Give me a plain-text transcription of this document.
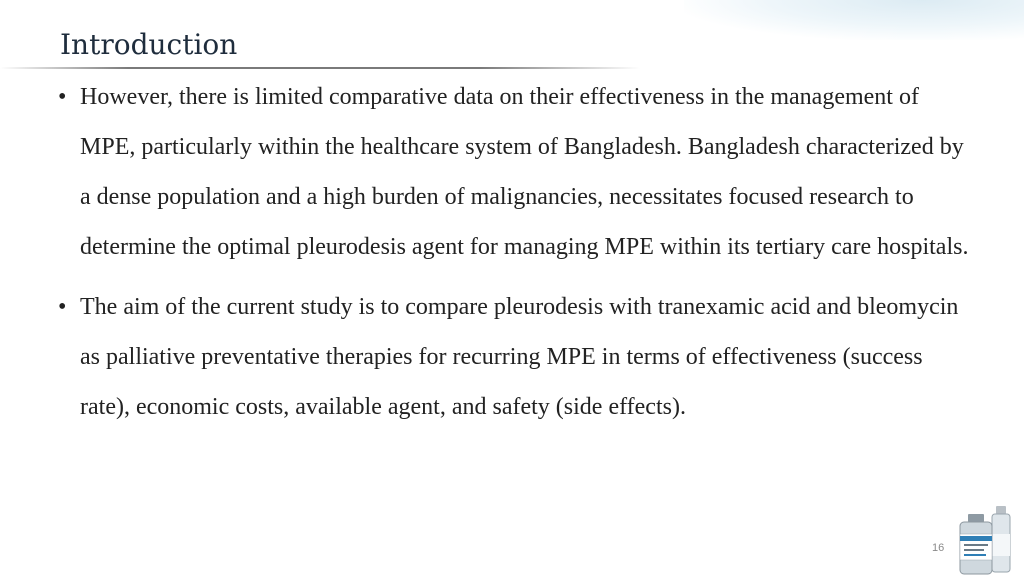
Introduction
• However, there is limited comparative data on their effectiveness in the management of MPE, particularly within the healthcare system of Bangladesh. Bangladesh characterized by a dense population and a high burden of malignancies, necessitates focused research to determine the optimal pleurodesis agent for managing MPE within its tertiary care hospitals.
• The aim of the current study is to compare pleurodesis with tranexamic acid and bleomycin as palliative preventative therapies for recurring MPE in terms of effectiveness (success rate), economic costs, available agent, and safety (side effects).
16
